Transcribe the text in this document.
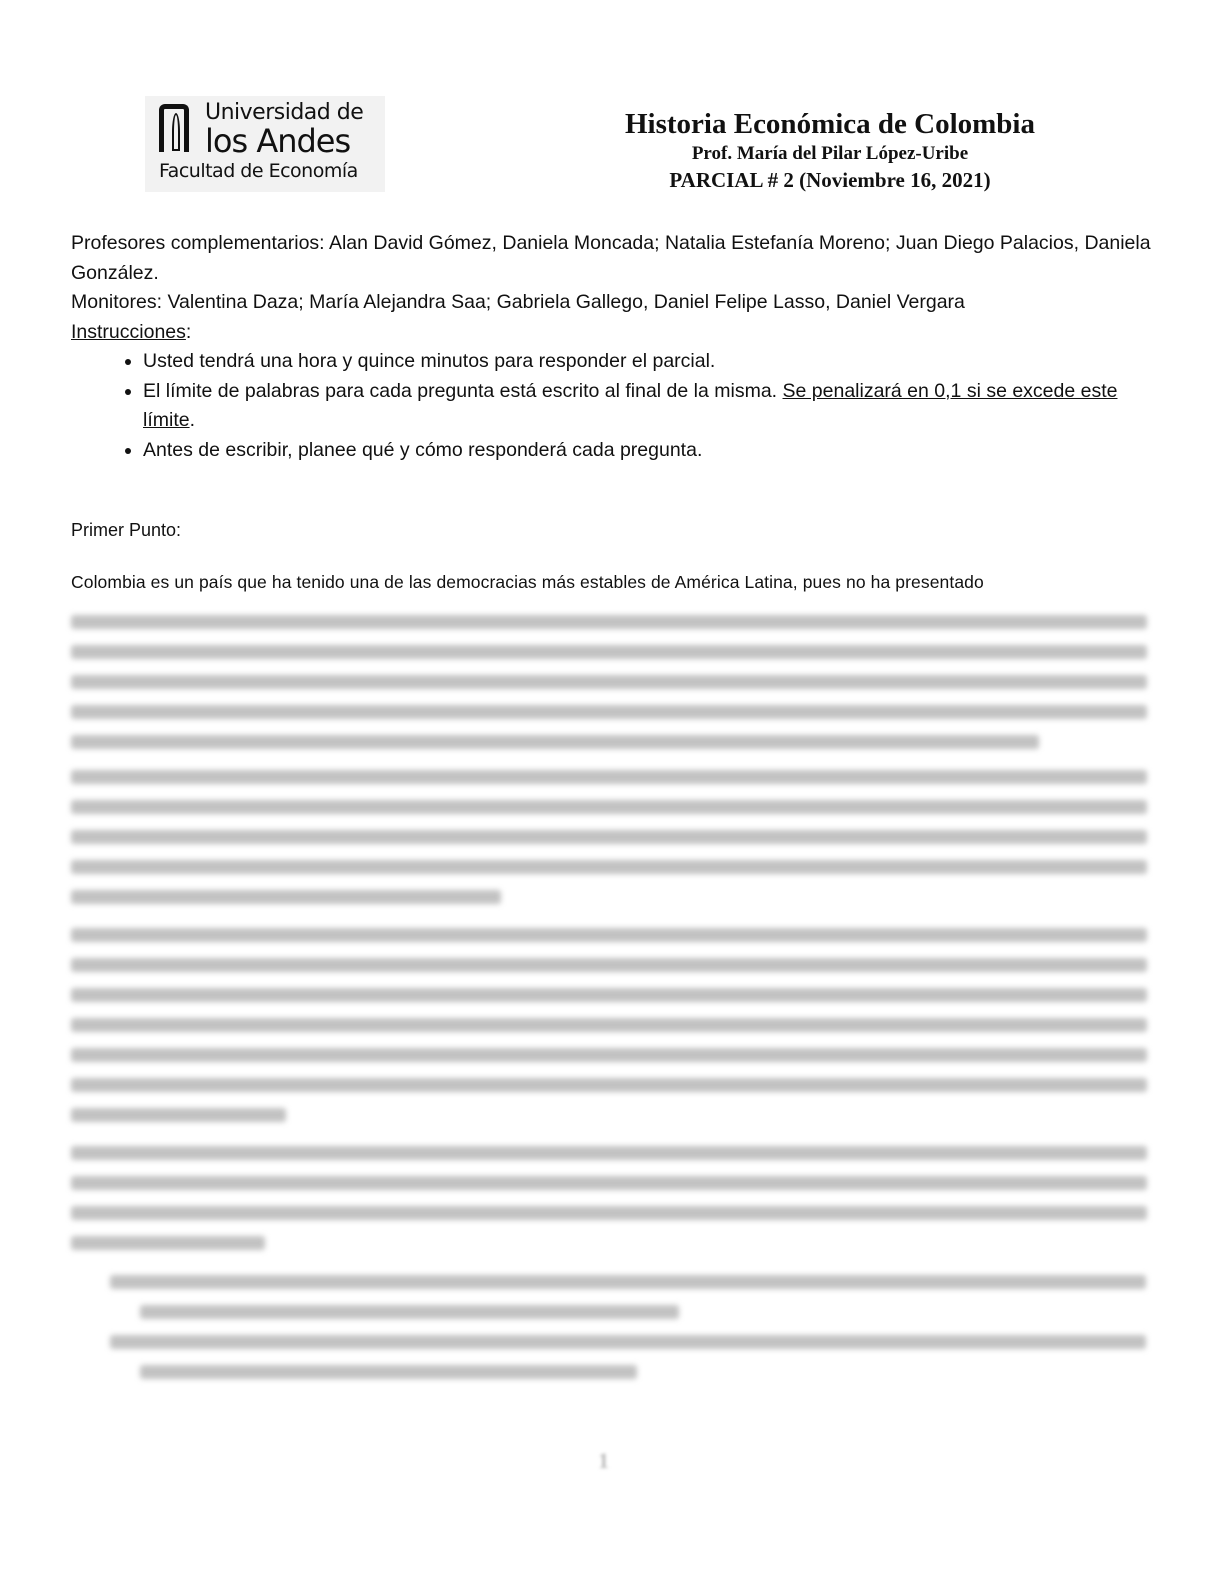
Universidad de
los Andes
Facultad de Economía
Historia Económica de Colombia
Prof. María del Pilar López-Uribe
PARCIAL # 2 (Noviembre 16, 2021)
Profesores complementarios: Alan David Gómez, Daniela Moncada; Natalia Estefanía Moreno; Juan Diego Palacios, Daniela González.
Monitores: Valentina Daza; María Alejandra Saa; Gabriela Gallego, Daniel Felipe Lasso, Daniel Vergara
Instrucciones:
• Usted tendrá una hora y quince minutos para responder el parcial.
• El límite de palabras para cada pregunta está escrito al final de la misma. Se penalizará en 0,1 si se excede este límite.
• Antes de escribir, planee qué y cómo responderá cada pregunta.
Primer Punto:
Colombia es un país que ha tenido una de las democracias más estables de América Latina, pues no ha presentado
1
